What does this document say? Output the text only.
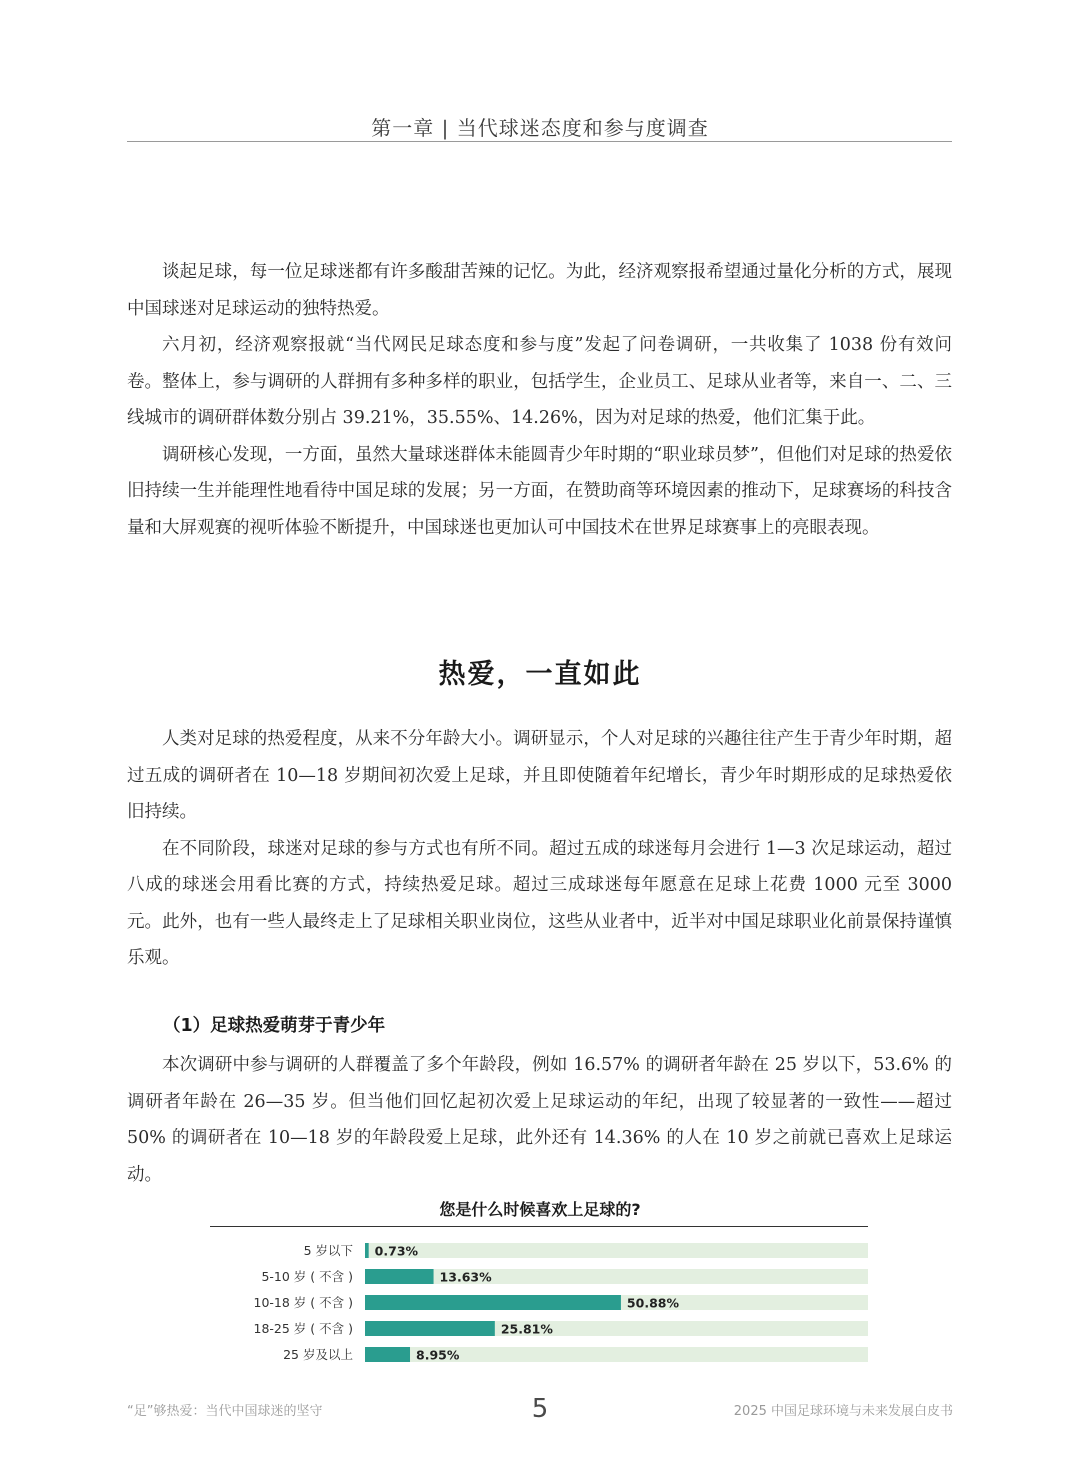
第一章 | 当代球迷态度和参与度调查

谈起足球，每一位足球迷都有许多酸甜苦辣的记忆。为此，经济观察报希望通过量化分析的方式，展现中国球迷对足球运动的独特热爱。

六月初，经济观察报就“当代网民足球态度和参与度”发起了问卷调研，一共收集了 1038 份有效问卷。整体上，参与调研的人群拥有多种多样的职业，包括学生，企业员工、足球从业者等，来自一、二、三线城市的调研群体数分别占 39.21%，35.55%、14.26%，因为对足球的热爱，他们汇集于此。

调研核心发现，一方面，虽然大量球迷群体未能圆青少年时期的“职业球员梦”，但他们对足球的热爱依旧持续一生并能理性地看待中国足球的发展；另一方面，在赞助商等环境因素的推动下，足球赛场的科技含量和大屏观赛的视听体验不断提升，中国球迷也更加认可中国技术在世界足球赛事上的亮眼表现。

热爱，一直如此

人类对足球的热爱程度，从来不分年龄大小。调研显示，个人对足球的兴趣往往产生于青少年时期，超过五成的调研者在 10—18 岁期间初次爱上足球，并且即使随着年纪增长，青少年时期形成的足球热爱依旧持续。

在不同阶段，球迷对足球的参与方式也有所不同。超过五成的球迷每月会进行 1—3 次足球运动，超过八成的球迷会用看比赛的方式，持续热爱足球。超过三成球迷每年愿意在足球上花费 1000 元至 3000 元。此外，也有一些人最终走上了足球相关职业岗位，这些从业者中，近半对中国足球职业化前景保持谨慎乐观。

（1）足球热爱萌芽于青少年

本次调研中参与调研的人群覆盖了多个年龄段，例如 16.57% 的调研者年龄在 25 岁以下，53.6% 的调研者年龄在 26—35 岁。但当他们回忆起初次爱上足球运动的年纪，出现了较显著的一致性——超过 50% 的调研者在 10—18 岁的年龄段爱上足球，此外还有 14.36% 的人在 10 岁之前就已喜欢上足球运动。

您是什么时候喜欢上足球的?
5 岁以下 0.73%
5-10 岁 ( 不含 )	13.63%
10-18 岁 ( 不含 )	50.88%
18-25 岁 ( 不含 )	25.81%
25 岁及以上	8.95%
“足”够热爱：当代中国球迷的坚守	5	2025 中国足球环境与未来发展白皮书
